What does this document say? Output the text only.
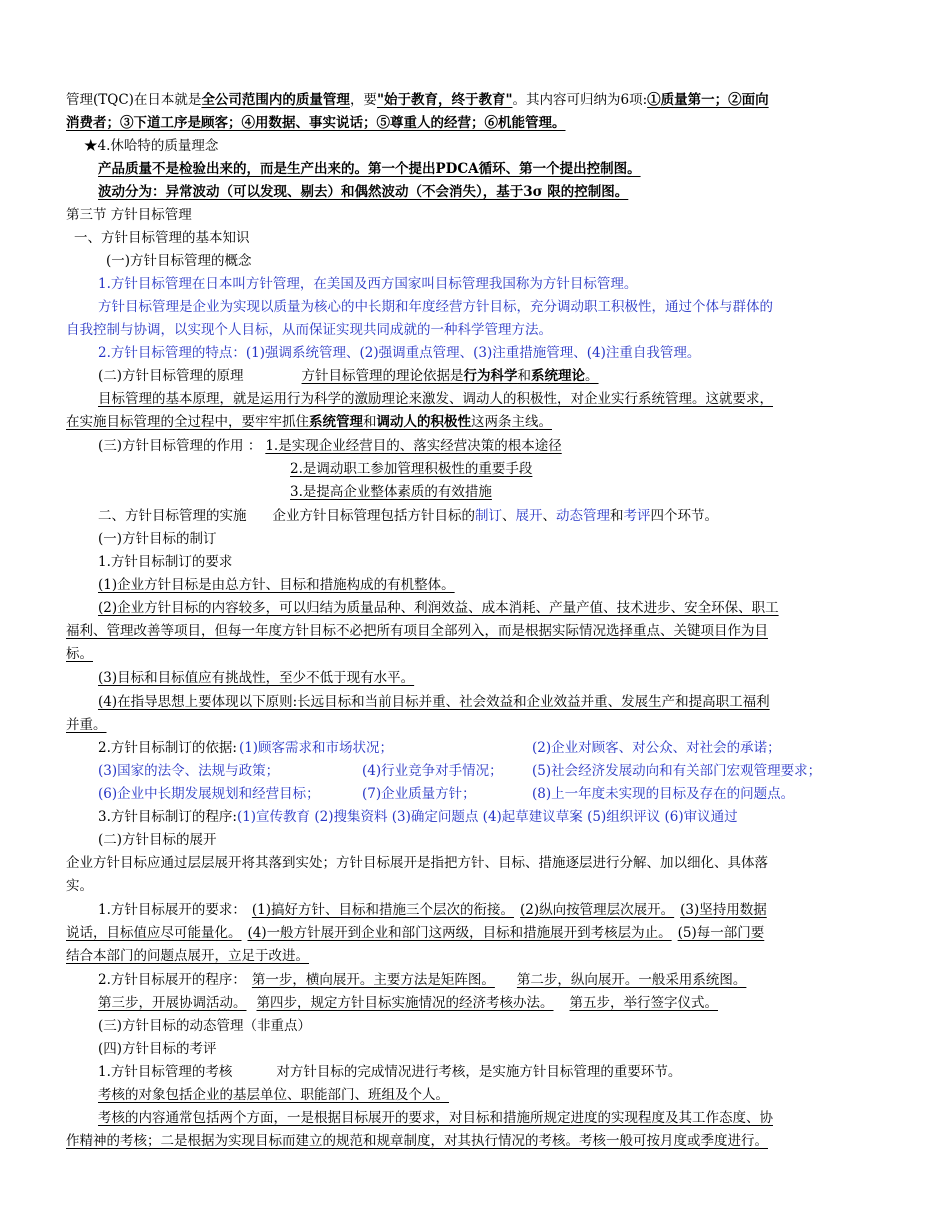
管理(TQC)在日本就是全公司范围内的质量管理，要"始于教育，终于教育"。其内容可归纳为6项:①质量第一；②面向
消费者；③下道工序是顾客；④用数据、事实说话；⑤尊重人的经营；⑥机能管理。
★4.休哈特的质量理念
产品质量不是检验出来的，而是生产出来的。第一个提出PDCA循环、第一个提出控制图。
波动分为：异常波动（可以发现、剔去）和偶然波动（不会消失），基于3σ 限的控制图。
第三节 方针目标管理
一、方针目标管理的基本知识
(一)方针目标管理的概念
1.方针目标管理在日本叫方针管理，在美国及西方国家叫目标管理我国称为方针目标管理。
方针目标管理是企业为实现以质量为核心的中长期和年度经营方针目标，充分调动职工积极性，通过个体与群体的
自我控制与协调，以实现个人目标，从而保证实现共同成就的一种科学管理方法。
2.方针目标管理的特点：(1)强调系统管理、(2)强调重点管理、(3)注重措施管理、(4)注重自我管理。
(二)方针目标管理的原理	方针目标管理的理论依据是行为科学和系统理论。
目标管理的基本原理，就是运用行为科学的激励理论来激发、调动人的积极性，对企业实行系统管理。这就要求，
在实施目标管理的全过程中，要牢牢抓住系统管理和调动人的积极性这两条主线。
(三)方针目标管理的作用 ： 1.是实现企业经营目的、落实经营决策的根本途径
2.是调动职工参加管理积极性的重要手段
3.是提高企业整体素质的有效措施
二、方针目标管理的实施 企业方针目标管理包括方针目标的制订、展开、动态管理和考评四个环节。
(一)方针目标的制订
1.方针目标制订的要求
(1)企业方针目标是由总方针、目标和措施构成的有机整体。
(2)企业方针目标的内容较多，可以归结为质量品种、利润效益、成本消耗、产量产值、技术进步、安全环保、职工
福利、管理改善等项目，但每一年度方针目标不必把所有项目全部列入，而是根据实际情况选择重点、关键项目作为目
标。
(3)目标和目标值应有挑战性，至少不低于现有水平。
(4)在指导思想上要体现以下原则:长远目标和当前目标并重、社会效益和企业效益并重、发展生产和提高职工福利
并重。
2.方针目标制订的依据: (1)顾客需求和市场状况；	(2)企业对顾客、对公众、对社会的承诺；
(3)国家的法令、法规与政策；	(4)行业竞争对手情况； (5)社会经济发展动向和有关部门宏观管理要求；
(6)企业中长期发展规划和经营目标；	(7)企业质量方针；	(8)上一年度未实现的目标及存在的问题点。
3.方针目标制订的程序:(1)宣传教育 (2)搜集资料 (3)确定问题点 (4)起草建议草案 (5)组织评议 (6)审议通过
(二)方针目标的展开
企业方针目标应通过层层展开将其落到实处；方针目标展开是指把方针、目标、措施逐层进行分解、加以细化、具体落
实。
1.方针目标展开的要求： (1)搞好方针、目标和措施三个层次的衔接。 (2)纵向按管理层次展开。 (3)坚持用数据
说话，目标值应尽可能量化。 (4)一般方针展开到企业和部门这两级，目标和措施展开到考核层为止。 (5)每一部门要
结合本部门的问题点展开，立足于改进。
2.方针目标展开的程序： 第一步，横向展开。主要方法是矩阵图。 第二步，纵向展开。一般采用系统图。
第三步，开展协调活动。 第四步，规定方针目标实施情况的经济考核办法。 第五步，举行签字仪式。
(三)方针目标的动态管理（非重点）
(四)方针目标的考评
1.方针目标管理的考核	对方针目标的完成情况进行考核，是实施方针目标管理的重要环节。
考核的对象包括企业的基层单位、职能部门、班组及个人。
考核的内容通常包括两个方面，一是根据目标展开的要求，对目标和措施所规定进度的实现程度及其工作态度、协
作精神的考核；二是根据为实现目标而建立的规范和规章制度，对其执行情况的考核。考核一般可按月度或季度进行。
